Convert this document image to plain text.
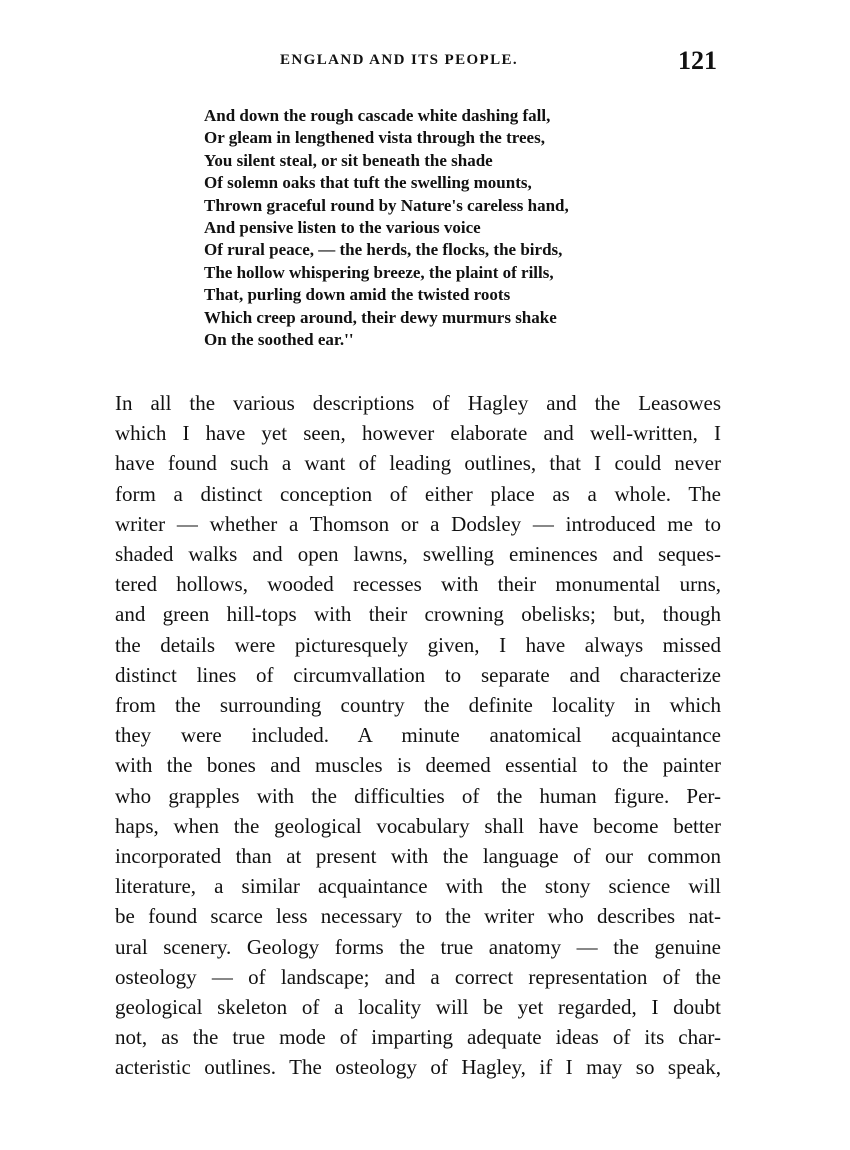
ENGLAND AND ITS PEOPLE.	121
And down the rough cascade white dashing fall,
Or gleam in lengthened vista through the trees,
You silent steal, or sit beneath the shade
Of solemn oaks that tuft the swelling mounts,
Thrown graceful round by Nature's careless hand,
And pensive listen to the various voice
Of rural peace, — the herds, the flocks, the birds,
The hollow whispering breeze, the plaint of rills,
That, purling down amid the twisted roots
Which creep around, their dewy murmurs shake
On the soothed ear.''
In all the various descriptions of Hagley and the Leasowes
which I have yet seen, however elaborate and well-written, I
have found such a want of leading outlines, that I could never
form a distinct conception of either place as a whole. The
writer — whether a Thomson or a Dodsley — introduced me to
shaded walks and open lawns, swelling eminences and seques-
tered hollows, wooded recesses with their monumental urns,
and green hill-tops with their crowning obelisks; but, though
the details were picturesquely given, I have always missed
distinct lines of circumvallation to separate and characterize
from the surrounding country the definite locality in which
they were included. A minute anatomical acquaintance
with the bones and muscles is deemed essential to the painter
who grapples with the difficulties of the human figure. Per-
haps, when the geological vocabulary shall have become better
incorporated than at present with the language of our common
literature, a similar acquaintance with the stony science will
be found scarce less necessary to the writer who describes nat-
ural scenery. Geology forms the true anatomy — the genuine
osteology — of landscape; and a correct representation of the
geological skeleton of a locality will be yet regarded, I doubt
not, as the true mode of imparting adequate ideas of its char-
acteristic outlines. The osteology of Hagley, if I may so speak,
